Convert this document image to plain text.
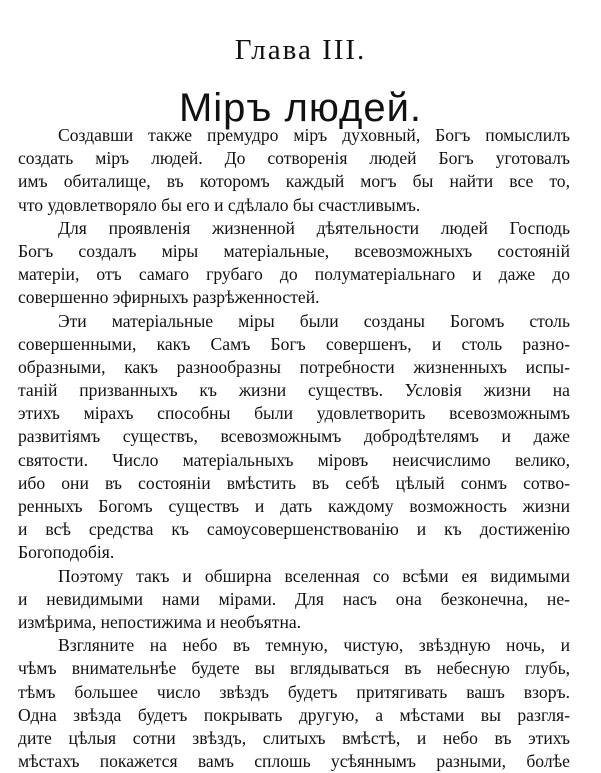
Глава III.
Міръ людей.
Создавши также премудро міръ духовный, Богъ помыслилъ
создать міръ людей. До сотворенія людей Богъ уготовалъ
имъ обиталище, въ которомъ каждый могъ бы найти все то,
что удовлетворяло бы его и сдѣлало бы счастливымъ.
Для проявленія жизненной дѣятельности людей Господь
Богъ создалъ міры матеріальные, всевозможныхъ состояній
матеріи, отъ самаго грубаго до полуматеріальнаго и даже до
совершенно эфирныхъ разрѣженностей.
Эти матеріальные міры были созданы Богомъ столь
совершенными, какъ Самъ Богъ совершенъ, и столь разно-
образными, какъ разнообразны потребности жизненныхъ испы-
таній призванныхъ къ жизни существъ. Условія жизни на
этихъ мірахъ способны были удовлетворить всевозможнымъ
развитіямъ существъ, всевозможнымъ добродѣтелямъ и даже
святости. Число матеріальныхъ міровъ неисчислимо велико,
ибо они въ состояніи вмѣстить въ себѣ цѣлый сонмъ сотво-
ренныхъ Богомъ существъ и дать каждому возможность жизни
и всѣ средства къ самоусовершенствованію и къ достиженію
Богоподобія.
Поэтому такъ и обширна вселенная со всѣми ея видимыми
и невидимыми нами мірами. Для насъ она безконечна, не-
измѣрима, непостижима и необъятна.
Взгляните на небо въ темную, чистую, звѣздную ночь, и
чѣмъ внимательнѣе будете вы вглядываться въ небесную глубь,
тѣмъ большее число звѣздъ будетъ притягивать вашъ взоръ.
Одна звѣзда будетъ покрывать другую, а мѣстами вы разгля-
дите цѣлыя сотни звѣздъ, слитыхъ вмѣстѣ, и небо въ этихъ
мѣстахъ покажется вамъ сплошь усѣяннымъ разными, болѣе
